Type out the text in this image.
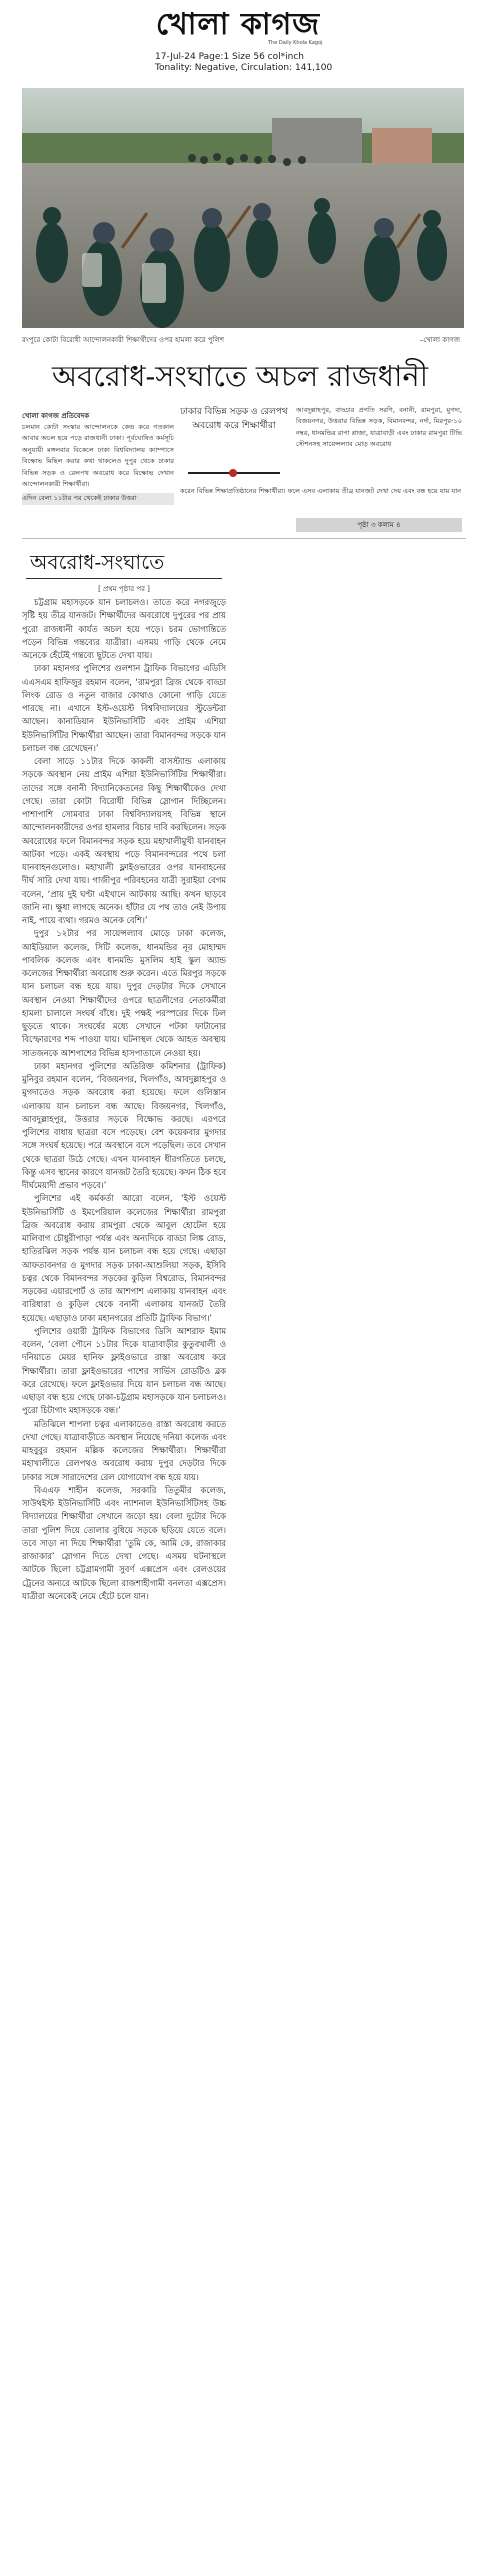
খোলা কাগজ
The Daily Khola Kagoj
17-Jul-24 Page:1 Size 56 col*inch
Tonality: Negative, Circulation: 141,100
রংপুরে কোটা বিরোধী আন্দোলনকারী শিক্ষার্থীদের ওপর হামলা করে পুলিশ	–খোলা কাগজ
অবরোধ-সংঘাতে অচল রাজধানী
খোলা কাগজ প্রতিবেদক
চলমান কোটা সংস্কার আন্দোলনকে কেন্দ্র করে গতকাল আবার অচল হয়ে পড়ে রাজধানী ঢাকা। পূর্বঘোষিত কর্মসূচি অনুযায়ী মঙ্গলবার বিকেলে ঢাকা বিশ্ববিদ্যালয় ক্যাম্পাসে বিক্ষোভ মিছিল করার কথা থাকলেও দুপুর থেকে ঢাকার বিভিন্ন সড়ক ও রেলপথ অবরোধ করে বিক্ষোভ দেখান আন্দোলনকারী শিক্ষার্থীরা।
এদিন বেলা ১১টার পর থেকেই ঢাকার উত্তরা
ঢাকার বিভিন্ন সড়ক ও রেলপথ অবরোধ করে শিক্ষার্থীরা
আবদুল্লাহপুর, বাড্ডার প্রগতি সরণি, বনানী, রামপুরা, মুগদা, বিজয়নগর, উত্তরার বিভিন্ন সড়ক, বিমানবন্দর, নর্দা, মিরপুর-১০ নম্বর, ধানমন্ডির রাপা প্লাজা, যাত্রাবাড়ী এবং ঢাকার রামপুরা টিভি স্টেশনসহ সায়েন্সল্যাব মোড় অবরোধ
করেন বিভিন্ন শিক্ষাপ্রতিষ্ঠানের শিক্ষার্থীরা। ফলে এসব এলাকায় তীব্র যানজট দেখা দেয় এবং বন্ধ হয়ে যায় যান
পৃষ্ঠা ৩ কলাম ৪
অবরোধ-সংঘাতে
[ প্রথম পৃষ্ঠার পর ]

চট্টগ্রাম মহাসড়কে যান চলাচলও। তাতে করে নগরজুড়ে সৃষ্টি হয় তীব্র যানজট। শিক্ষার্থীদের অবরোধে দুপুরের পর প্রায় পুরো রাজধানী কার্যত অচল হয়ে পড়ে। চরম ভোগান্তিতে পড়েন বিভিন্ন গন্তব্যের যাত্রীরা। এসময় গাড়ি থেকে নেমে অনেকে হেঁটেই গন্তব্যে ছুটতে দেখা যায়।

ঢাকা মহানগর পুলিশের গুলশান ট্রাফিক বিভাগের এডিসি এএসএম হাফিজুর রহমান বলেন, ‘রামপুরা ব্রিজ থেকে বাড্ডা লিংক রোড ও নতুন বাজার কোথাও কোনো গাড়ি যেতে পারছে না। এখানে ইস্ট-ওয়েস্ট বিশ্ববিদ্যালয়ের স্টুডেন্টরা আছেন। কানাডিয়ান ইউনিভার্সিটি এবং প্রাইম এশিয়া ইউনিভার্সিটির শিক্ষার্থীরা আছেন। তারা বিমানবন্দর সড়কে যান চলাচল বন্ধ রেখেছেন।’

বেলা সাড়ে ১১টার দিকে কাকলী বাসস্ট্যান্ড এলাকায় সড়কে অবস্থান নেয় প্রাইম এশিয়া ইউনিভার্সিটির শিক্ষার্থীরা। তাদের সঙ্গে বনানী বিদ্যানিকেতনের কিছু শিক্ষার্থীকেও দেখা গেছে। তারা কোটা বিরোধী বিভিন্ন স্লোগান দিচ্ছিলেন। পাশাপাশি সোমবার ঢাকা বিশ্ববিদ্যালয়সহ বিভিন্ন স্থানে আন্দোলনকারীদের ওপর হামলার বিচার দাবি করছিলেন। সড়ক অবরোধের ফলে বিমানবন্দর সড়ক হয়ে মহাখালীমুখী যানবাহন আটকা পড়ে। একই অবস্থায় পড়ে বিমানবন্দরের পথে চলা যানবাহনগুলোও। মহাখালী ফ্লাইওভারের ওপর যানবাহনের দীর্ঘ সারি দেখা যায়। গাজীপুর পরিবহনের যাত্রী সুরাইয়া বেগম বলেন, ‘প্রায় দুই ঘণ্টা এইখানে আটকায় আছি। কখন ছাড়বে জানি না। ক্ষুধা লাগছে অনেক। হাঁটার যে পথ তাও নেই উপায় নাই, পায়ে ব্যথা। গরমও অনেক বেশি।’

দুপুর ১২টার পর সায়েন্সল্যাব মোড়ে ঢাকা কলেজ, আইডিয়াল কলেজ, সিটি কলেজ, ধানমন্ডির নূর মোহাম্মদ পাবলিক কলেজ এবং ধানমন্ডি মুসলিম হাই স্কুল অ্যান্ড কলেজের শিক্ষার্থীরা অবরোধ শুরু করেন। এতে মিরপুর সড়কে যান চলাচল বন্ধ হয়ে যায়। দুপুর দেড়টার দিকে সেখানে অবস্থান নেওয়া শিক্ষার্থীদের ওপরে ছাত্রলীগের নেতাকর্মীরা হামলা চালালে সংঘর্ষ বাঁধে। দুই পক্ষই পরস্পরের দিকে ঢিল ছুড়তে থাকে। সংঘর্ষের মধ্যে সেখানে পটকা ফাটানোর বিস্ফোরণের শব্দ পাওয়া যায়। ঘটনাস্থল থেকে আহত অবস্থায় সাতজনকে আশপাশের বিভিন্ন হাসপাতালে নেওয়া হয়।

ঢাকা মহানগর পুলিশের অতিরিক্ত কমিশনার (ট্রাফিক) মুনিবুর রহমান বলেন, ‘বিজয়নগর, খিলগাঁও, আবদুল্লাহপুর ও মুগদাতেও সড়ক অবরোধ করা হয়েছে। ফলে গুলিস্তান এলাকায় যান চলাচল বন্ধ আছে। বিজয়নগর, খিলগাঁও, আবদুল্লাহপুর, উত্তরার সড়কে বিক্ষোভ করছে। এরপরে পুলিশের বাধায় ছাত্ররা বসে পড়েছে। বেশ কয়েকবার মুগদার সঙ্গে সংঘর্ষ হয়েছে। পরে অবস্থানে বসে পড়েছিল। তবে সেখান থেকে ছাত্ররা উঠে গেছে। এখন যানবাহন ধীরগতিতে চলছে, কিন্তু এসব স্থানের কারণে যানজট তৈরি হয়েছে। কখন ঠিক হবে দীর্ঘমেয়াদী প্রভাব পড়বে।’

পুলিশের এই কর্মকর্তা আরো বলেন, ‘ইস্ট ওয়েস্ট ইউনিভার্সিটি ও ইমপেরিয়াল কলেজের শিক্ষার্থীরা রামপুরা ব্রিজ অবরোধ করায় রামপুরা থেকে আবুল হোটেল হয়ে মালিবাগ চৌধুরীপাড়া পর্যন্ত এবং অন্যদিকে বাড্ডা লিঙ্ক রোড, হাতিরঝিল সড়ক পর্যন্ত যান চলাচল বন্ধ হয়ে গেছে। এছাড়া আফতাবনগর ও মুগদার সড়ক ঢাকা-আশুলিয়া সড়ক, ইসিবি চত্বর থেকে বিমানবন্দর সড়কের কুড়িল বিশ্বরোড, বিমানবন্দর সড়কের এয়ারপোর্ট ও তার আশপাশ এলাকায় যানবাহন এবং বারিধারা ও কুড়িল থেকে বনানী এলাকায় যানজট তৈরি হয়েছে। এছাড়াও ঢাকা মহানগরের প্রতিটি ট্রাফিক বিভাগ।’

পুলিশের ওয়ারী ট্রাফিক বিভাগের ডিসি আশরাফ ইমাম বলেন, ‘বেলা পৌনে ১১টার দিকে যাত্রাবাড়ীর কুতুবখালী ও দনিয়াতে মেয়র হানিফ ফ্লাইওভারে রাস্তা অবরোধ করে শিক্ষার্থীরা। তারা ফ্লাইওভারের পাশের সার্ভিস রোডটিও ব্লক করে রেখেছে। ফলে ফ্লাইওভার দিয়ে যান চলাচল বন্ধ আছে। এছাড়া বন্ধ হয়ে গেছে ঢাকা-চট্টগ্রাম মহাসড়কে যান চলাচলও। পুরো চিটাগাং মহাসড়কে বন্ধ।’

মতিঝিলে শাপলা চত্বর এলাকাতেও রাস্তা অবরোধ করতে দেখা গেছে। যাত্রাবাড়ীতে অবস্থান নিয়েছে দনিয়া কলেজ এবং মাহবুবুর রহমান মল্লিক কলেজের শিক্ষার্থীরা। শিক্ষার্থীরা মহাখালীতে রেলপথও অবরোধ করায় দুপুর দেড়টার দিকে ঢাকার সঙ্গে সারাদেশের রেল যোগাযোগ বন্ধ হয়ে যায়।

বিএএফ শাহীন কলেজ, সরকারি তিতুমীর কলেজ, সাউথইস্ট ইউনিভার্সিটি এবং ন্যাশনাল ইউনিভার্সিটিসহ উচ্চ বিদ্যালয়ের শিক্ষার্থীরা সেখানে জড়ো হয়। বেলা দুটোর দিকে তারা পুলিশ দিয়ে তোলার বুধিয়ে সড়কে ছড়িয়ে যেতে বলে। তবে সাড়া না দিয়ে শিক্ষার্থীরা ‘তুমি কে, আমি কে, রাজাকার রাজাকার’ স্লোগান দিতে দেখা গেছে। এসময় ঘটনাস্থলে আটকে ছিলো চট্টগ্রামগামী সুবর্ণ এক্সপ্রেস এবং রেলওয়ের ট্রেনের অন্যরে আটকে ছিলো রাজশাহীগামী বনলতা এক্সপ্রেস। যাত্রীরা অনেকেই নেমে হেঁটে চলে যান।
